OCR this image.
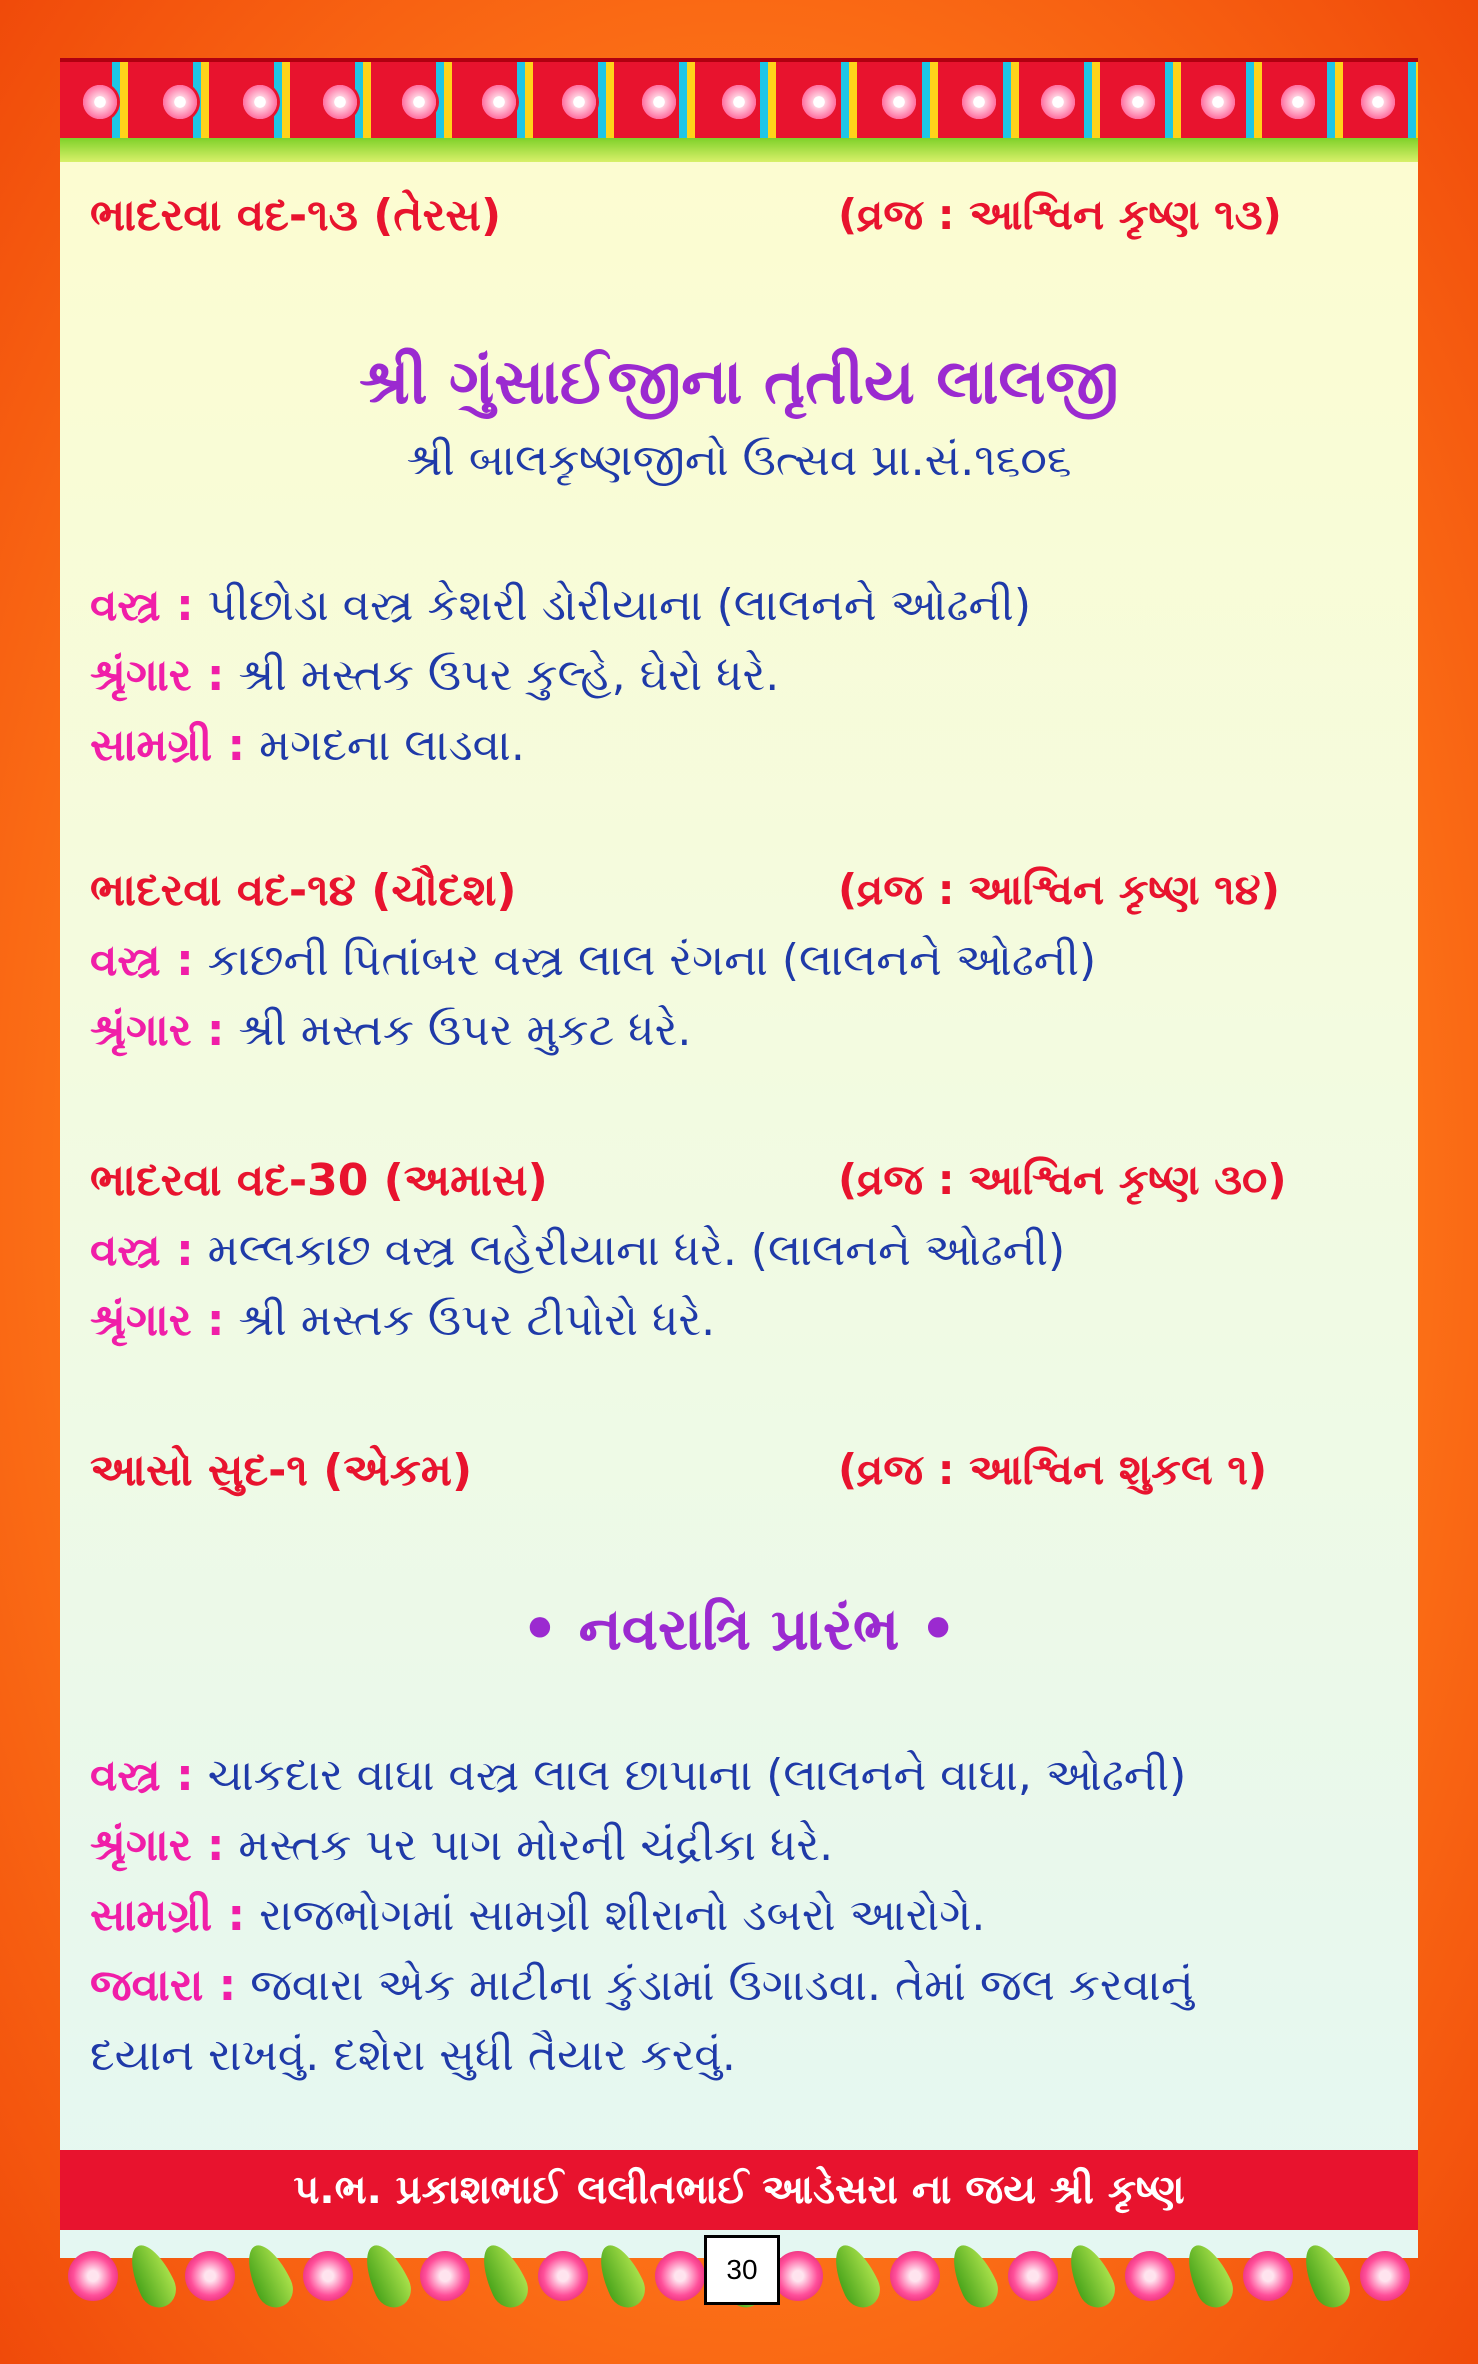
ભાદરવા વદ-૧૩ (તેરસ)	(વ્રજ : આશ્વિન કૃષ્ણ ૧૩)
શ્રી ગુંસાઈજીના તૃતીય લાલજી
શ્રી બાલકૃષ્ણજીનો ઉત્સવ પ્રા.સં.૧૬૦૬
વસ્ત્ર : પીછોડા વસ્ત્ર કેશરી ડોરીયાના (લાલનને ઓઢની)
શ્રૃંગાર : શ્રી મસ્તક ઉપર કુલ્હે, ઘેરો ધરે.
સામગ્રી : મગદના લાડવા.
ભાદરવા વદ-૧૪ (ચૌદશ)	(વ્રજ : આશ્વિન કૃષ્ણ ૧૪)
વસ્ત્ર : કાછની પિતાંબર વસ્ત્ર લાલ રંગના (લાલનને ઓઢની)
શ્રૃંગાર : શ્રી મસ્તક ઉપર મુકટ ધરે.
ભાદરવા વદ-30 (અમાસ)	(વ્રજ : આશ્વિન કૃષ્ણ ૩૦)
વસ્ત્ર : મલ્લકાછ વસ્ત્ર લહેરીયાના ધરે. (લાલનને ઓઢની)
શ્રૃંગાર : શ્રી મસ્તક ઉપર ટીપોરો ધરે.
આસો સુદ-૧ (એકમ)	(વ્રજ : આશ્વિન શુકલ ૧)
• નવરાત્રિ પ્રારંભ •
વસ્ત્ર : ચાકદાર વાઘા વસ્ત્ર લાલ છાપાના (લાલનને વાઘા, ઓઢની)
શ્રૃંગાર : મસ્તક પર પાગ મોરની ચંદ્રીકા ધરે.
સામગ્રી : રાજભોગમાં સામગ્રી શીરાનો ડબરો આરોગે.
જવારા : જવારા એક માટીના કુંડામાં ઉગાડવા. તેમાં જલ કરવાનું
દયાન રાખવું. દશેરા સુધી તૈયાર કરવું.
પ.ભ. પ્રકાશભાઈ લલીતભાઈ આડેસરા ના જય શ્રી કૃષ્ણ
30
